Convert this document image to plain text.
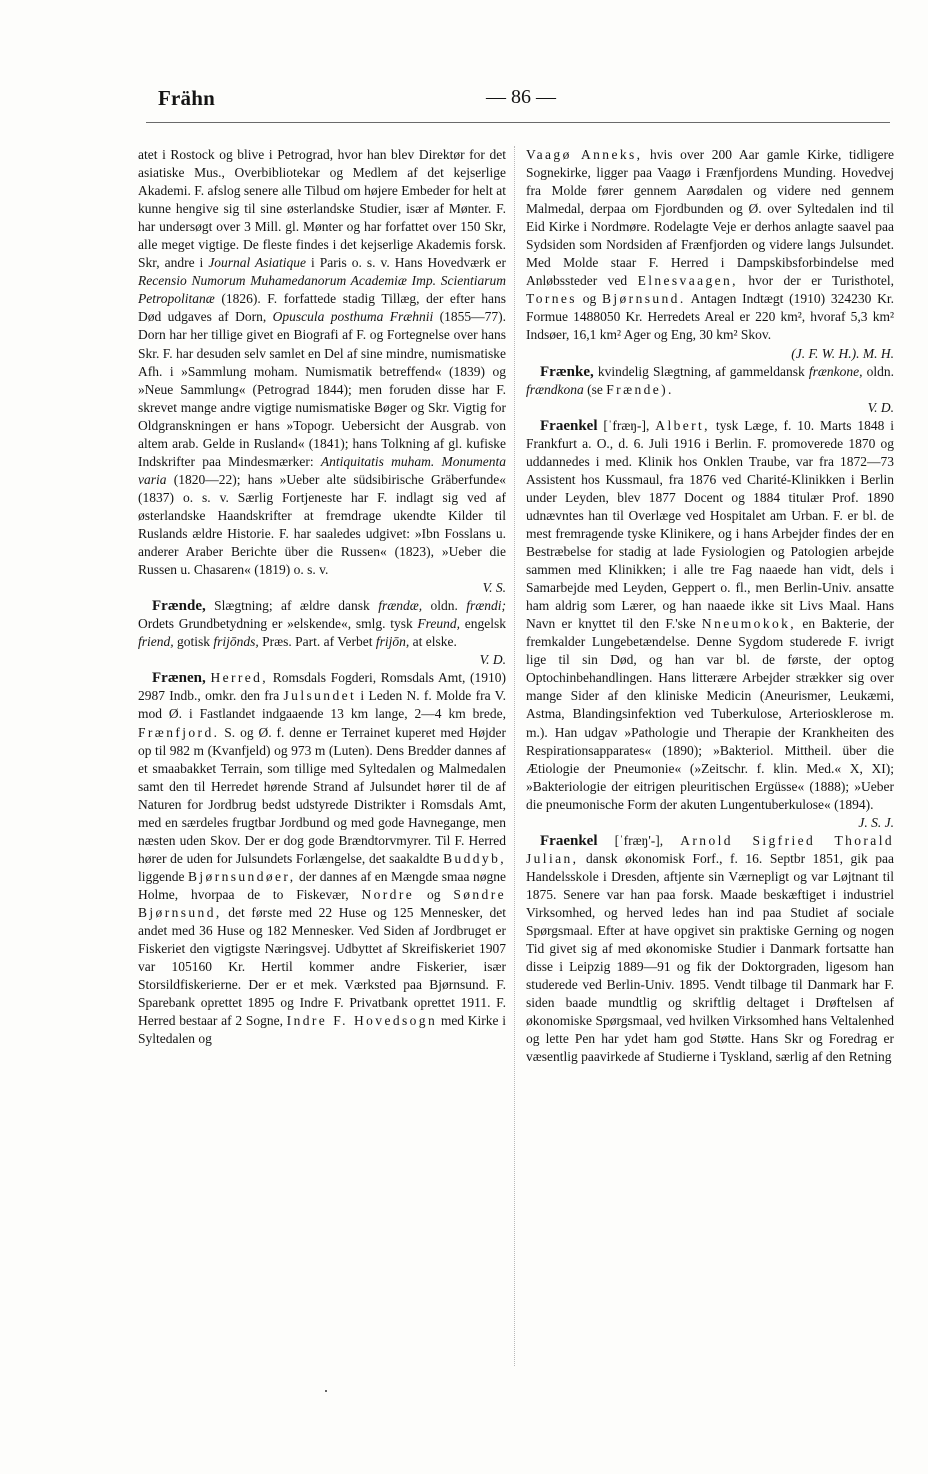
Frähn	— 86 —

atet i Rostock og blive i Petrograd, hvor han blev Direktør for det asiatiske Mus., Overbibliotekar og Medlem af det kejserlige Akademi. F. afslog senere alle Tilbud om højere Embeder for helt at kunne hengive sig til sine østerlandske Studier, især af Mønter. F. har undersøgt over 3 Mill. gl. Mønter og har forfattet over 150 Skr, alle meget vigtige. De fleste findes i det kejserlige Akademis forsk. Skr, andre i Journal Asiatique i Paris o. s. v. Hans Hovedværk er Recensio Numorum Muhamedanorum Academiæ Imp. Scientiarum Petropolitanæ (1826). F. forfattede stadig Tillæg, der efter hans Død udgaves af Dorn, Opuscula posthuma Fræhnii (1855—77). Dorn har her tillige givet en Biografi af F. og Fortegnelse over hans Skr. F. har desuden selv samlet en Del af sine mindre, numismatiske Afh. i »Sammlung moham. Numismatik betreffend« (1839) og »Neue Sammlung« (Petrograd 1844); men foruden disse har F. skrevet mange andre vigtige numismatiske Bøger og Skr. Vigtig for Oldgranskningen er hans »Topogr. Uebersicht der Ausgrab. von altem arab. Gelde in Rusland« (1841); hans Tolkning af gl. kufiske Indskrifter paa Mindesmærker: Antiquitatis muham. Monumenta varia (1820—22); hans »Ueber alte südsibirische Gräberfunde« (1837) o. s. v. Særlig Fortjeneste har F. indlagt sig ved af østerlandske Haandskrifter at fremdrage ukendte Kilder til Ruslands ældre Historie. F. har saaledes udgivet: »Ibn Fosslans u. anderer Araber Berichte über die Russen« (1823), »Ueber die Russen u. Chasaren« (1819) o. s. v.

V. S.

Frænde, Slægtning; af ældre dansk frændæ, oldn. frændi; Ordets Grundbetydning er »elskende«, smlg. tysk Freund, engelsk friend, gotisk frijōnds, Præs. Part. af Verbet frijōn, at elske.

V. D.

Frænen, Herred, Romsdals Fogderi, Romsdals Amt, (1910) 2987 Indb., omkr. den fra Julsundet i Leden N. f. Molde fra V. mod Ø. i Fastlandet indgaaende 13 km lange, 2—4 km brede, Frænfjord. S. og Ø. f. denne er Terrainet kuperet med Højder op til 982 m (Kvanfjeld) og 973 m (Luten). Dens Bredder dannes af et smaabakket Terrain, som tillige med Syltedalen og Malmedalen samt den til Herredet hørende Strand af Julsundet hører til de af Naturen for Jordbrug bedst udstyrede Distrikter i Romsdals Amt, med en særdeles frugtbar Jordbund og med gode Havnegange, men næsten uden Skov. Der er dog gode Brændtorvmyrer. Til F. Herred hører de uden for Julsundets Forlængelse, det saakaldte Buddyb, liggende Bjørnsundøer, der dannes af en Mængde smaa nøgne Holme, hvorpaa de to Fiskevær, Nordre og Søndre Bjørnsund, det første med 22 Huse og 125 Mennesker, det andet med 36 Huse og 182 Mennesker. Ved Siden af Jordbruget er Fiskeriet den vigtigste Næringsvej. Udbyttet af Skreifiskeriet 1907 var 105160 Kr. Hertil kommer andre Fiskerier, især Storsildfiskerierne. Der er et mek. Værksted paa Bjørnsund. F. Sparebank oprettet 1895 og Indre F. Privatbank oprettet 1911. F. Herred bestaar af 2 Sogne, Indre F. Hovedsogn med Kirke i Syltedalen og

Vaagø Anneks, hvis over 200 Aar gamle Kirke, tidligere Sognekirke, ligger paa Vaagø i Frænfjordens Munding. Hovedvej fra Molde fører gennem Aarødalen og videre ned gennem Malmedal, derpaa om Fjordbunden og Ø. over Syltedalen ind til Eid Kirke i Nordmøre. Rodelagte Veje er derhos anlagte saavel paa Sydsiden som Nordsiden af Frænfjorden og videre langs Julsundet. Med Molde staar F. Herred i Dampskibsforbindelse med Anløbssteder ved Elnesvaagen, hvor der er Turisthotel, Tornes og Bjørnsund. Antagen Indtægt (1910) 324230 Kr. Formue 1488050 Kr. Herredets Areal er 220 km², hvoraf 5,3 km² Indsøer, 16,1 km² Ager og Eng, 30 km² Skov.

(J. F. W. H.). M. H.

Frænke, kvindelig Slægtning, af gammeldansk frænkone, oldn. frændkona (se Frænde).

V. D.

Fraenkel [ˈfræŋ-], Albert, tysk Læge, f. 10. Marts 1848 i Frankfurt a. O., d. 6. Juli 1916 i Berlin. F. promoverede 1870 og uddannedes i med. Klinik hos Onklen Traube, var fra 1872—73 Assistent hos Kussmaul, fra 1876 ved Charité-Klinikken i Berlin under Leyden, blev 1877 Docent og 1884 titulær Prof. 1890 udnævntes han til Overlæge ved Hospitalet am Urban. F. er bl. de mest fremragende tyske Klinikere, og i hans Arbejder findes der en Bestræbelse for stadig at lade Fysiologien og Patologien arbejde sammen med Klinikken; i alle tre Fag naaede han vidt, dels i Samarbejde med Leyden, Geppert o. fl., men Berlin-Univ. ansatte ham aldrig som Lærer, og han naaede ikke sit Livs Maal. Hans Navn er knyttet til den F.'ske Nneumokok, en Bakterie, der fremkalder Lungebetændelse. Denne Sygdom studerede F. ivrigt lige til sin Død, og han var bl. de første, der optog Optochinbehandlingen. Hans litterære Arbejder strækker sig over mange Sider af den kliniske Medicin (Aneurismer, Leukæmi, Astma, Blandingsinfektion ved Tuberkulose, Arteriosklerose m. m.). Han udgav »Pathologie und Therapie der Krankheiten des Respirationsapparates« (1890); »Bakteriol. Mittheil. über die Ætiologie der Pneumonie« (»Zeitschr. f. klin. Med.« X, XI); »Bakteriologie der eitrigen pleuritischen Ergüsse« (1888); »Ueber die pneumonische Form der akuten Lungentuberkulose« (1894).

J. S. J.

Fraenkel [ˈfræŋ'-], Arnold Sigfried Thorald Julian, dansk økonomisk Forf., f. 16. Septbr 1851, gik paa Handelsskole i Dresden, aftjente sin Værnepligt og var Løjtnant til 1875. Senere var han paa forsk. Maade beskæftiget i industriel Virksomhed, og herved ledes han ind paa Studiet af sociale Spørgsmaal. Efter at have opgivet sin praktiske Gerning og nogen Tid givet sig af med økonomiske Studier i Danmark fortsatte han disse i Leipzig 1889—91 og fik der Doktorgraden, ligesom han studerede ved Berlin-Univ. 1895. Vendt tilbage til Danmark har F. siden baade mundtlig og skriftlig deltaget i Drøftelsen af økonomiske Spørgsmaal, ved hvilken Virksomhed hans Veltalenhed og lette Pen har ydet ham god Støtte. Hans Skr og Foredrag er væsentlig paavirkede af Studierne i Tyskland, særlig af den Retning
